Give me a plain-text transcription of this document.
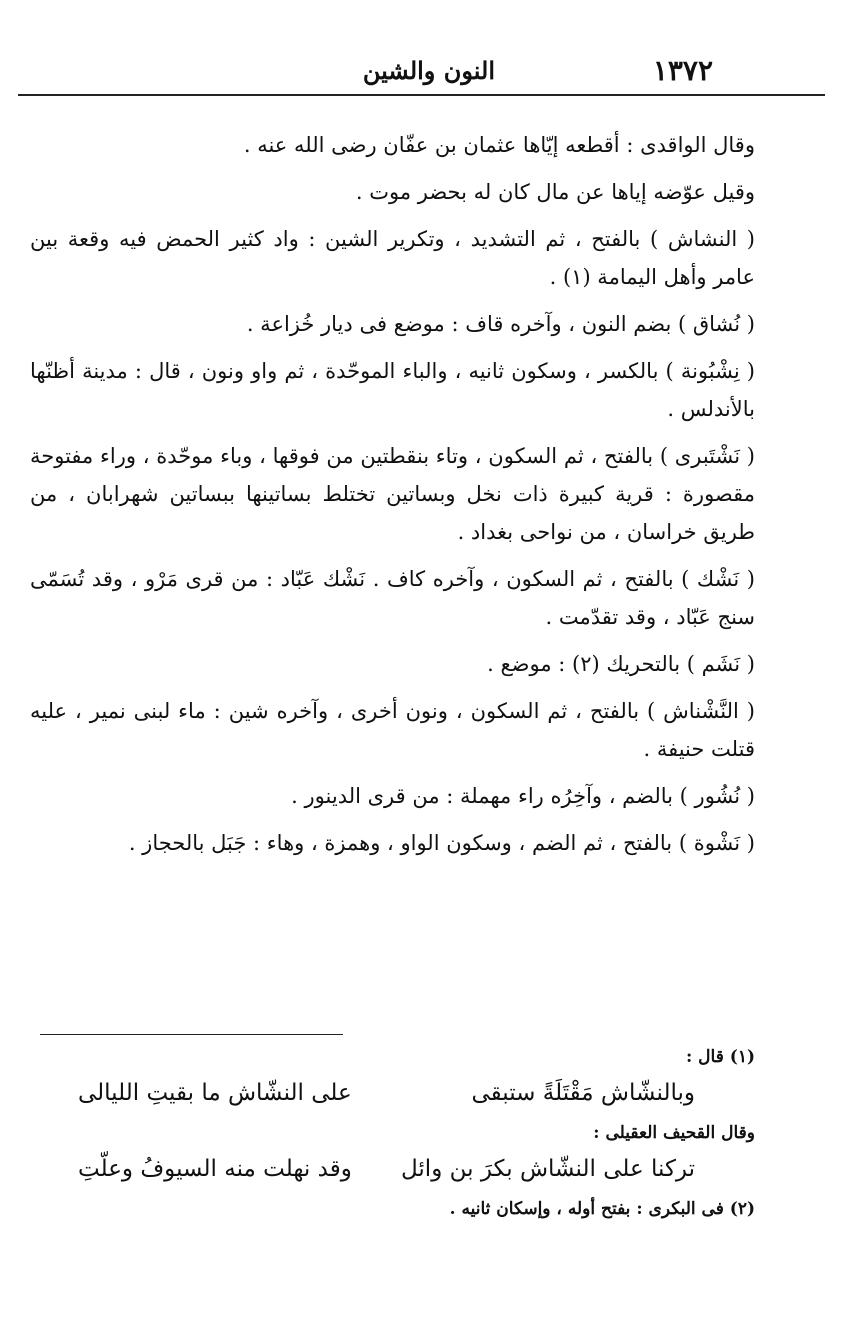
١٣٧٢
النون والشين

وقال الواقدى : أقطعه إيّاها عثمان بن عفّان رضى الله عنه .

وقيل عوّضه إياها عن مال كان له بحضر موت .

( النشاش ) بالفتح ، ثم التشديد ، وتكرير الشين : واد كثير الحمض فيه وقعة بين عامر وأهل اليمامة (١) .

( نُشاق ) بضم النون ، وآخره قاف : موضع فى ديار خُزاعة .

( نِشْبُونة ) بالكسر ، وسكون ثانيه ، والباء الموحّدة ، ثم واو ونون ، قال : مدينة أظنّها بالأندلس .

( نَشْتَبرى ) بالفتح ، ثم السكون ، وتاء بنقطتين من فوقها ، وباء موحّدة ، وراء مفتوحة مقصورة : قرية كبيرة ذات نخل وبساتين تختلط بساتينها ببساتين شهرابان ، من طريق خراسان ، من نواحى بغداد .

( نَشْك ) بالفتح ، ثم السكون ، وآخره كاف . نَشْك عَبّاد : من قرى مَرْو ، وقد تُسَمّى سنج عَبّاد ، وقد تقدّمت .

( نَشَم ) بالتحريك (٢) : موضع .

( النَّشْناش ) بالفتح ، ثم السكون ، ونون أخرى ، وآخره شين : ماء لبنى نمير ، عليه قتلت حنيفة .

( نُشُور ) بالضم ، وآخِرُه راء مهملة : من قرى الدينور .

( نَشْوة ) بالفتح ، ثم الضم ، وسكون الواو ، وهمزة ، وهاء : جَبَل بالحجاز .

(١) قال :

وبالنشّاش مَقْتَلَةً ستبقى
على النشّاش ما بقيتِ الليالى

وقال القحيف العقيلى :

تركنا على النشّاش بكرَ بن وائل
وقد نهلت منه السيوفُ وعلّتِ

(٢) فى البكرى : بفتح أوله ، وإسكان ثانيه .
